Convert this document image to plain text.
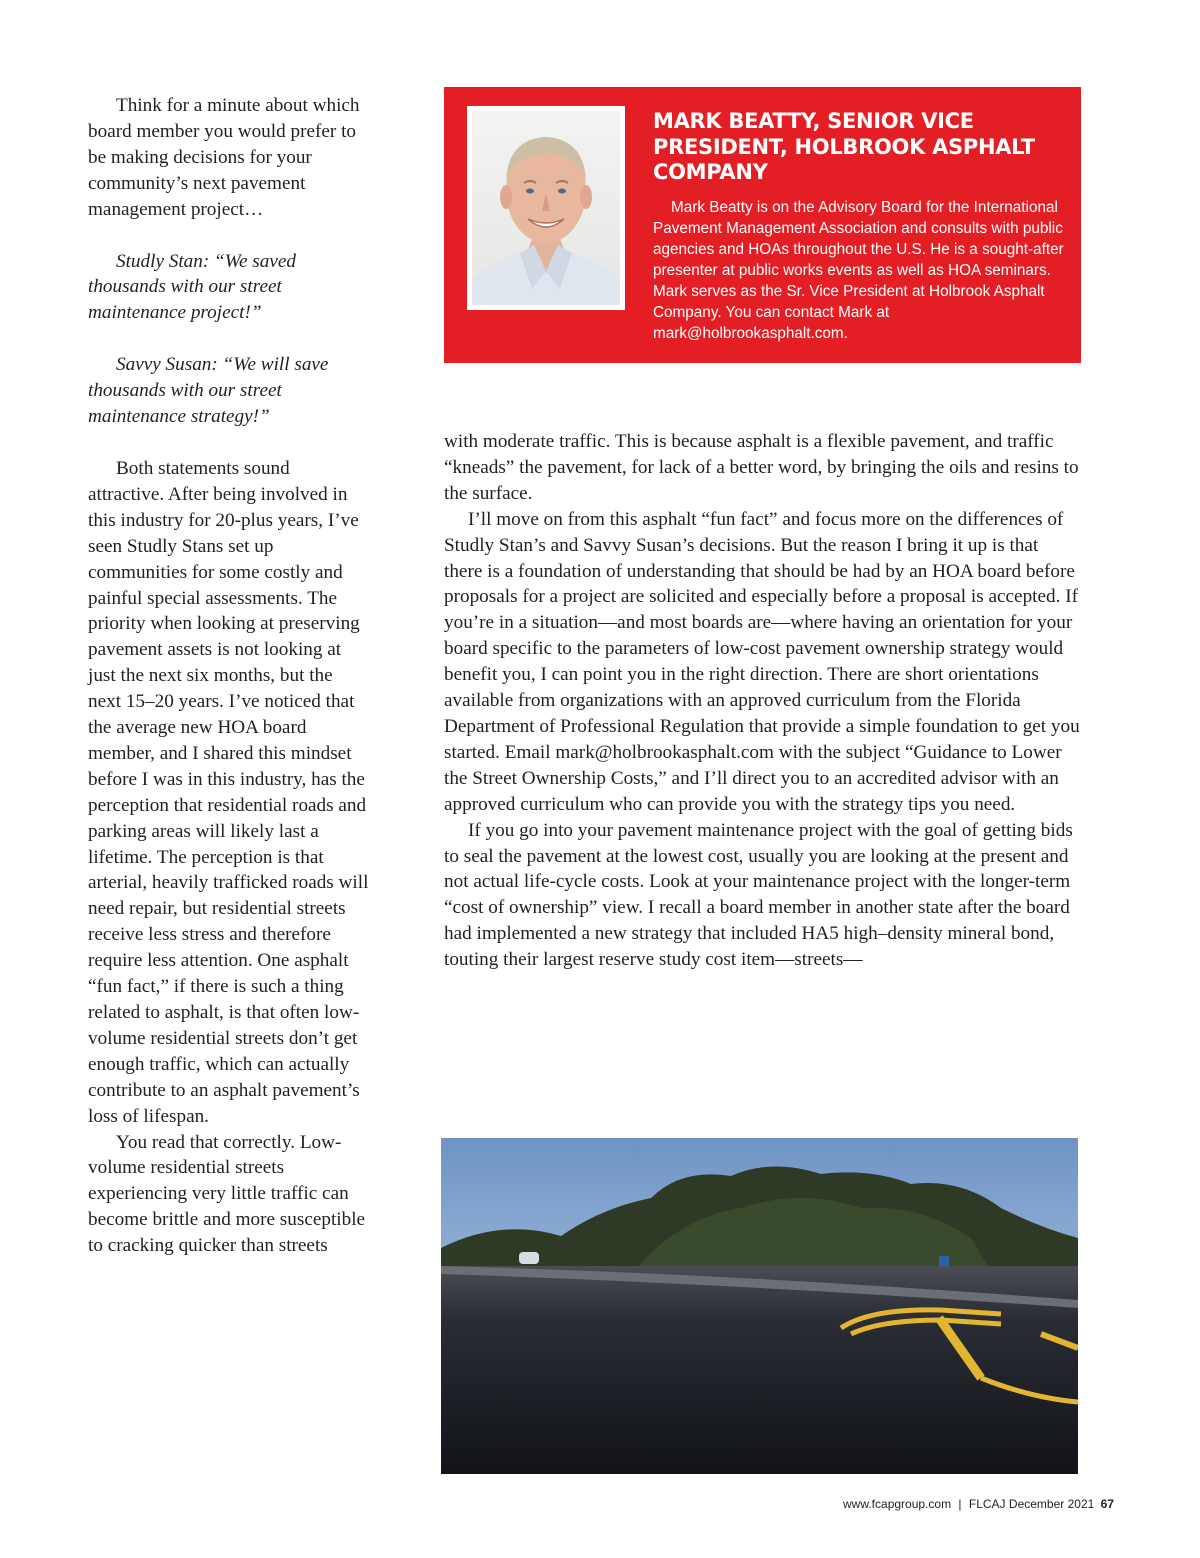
Think for a minute about which board member you would prefer to be making decisions for your community’s next pavement management project…

Studly Stan: “We saved thousands with our street maintenance project!”

Savvy Susan: “We will save thousands with our street maintenance strategy!”

Both statements sound attractive. After being involved in this industry for 20-plus years, I’ve seen Studly Stans set up communities for some costly and painful special assessments. The priority when looking at preserving pavement assets is not looking at just the next six months, but the next 15–20 years. I’ve noticed that the average new HOA board member, and I shared this mindset before I was in this industry, has the perception that residential roads and parking areas will likely last a lifetime. The perception is that arterial, heavily trafficked roads will need repair, but residential streets receive less stress and therefore require less attention. One asphalt “fun fact,” if there is such a thing related to asphalt, is that often low-volume residential streets don’t get enough traffic, which can actually contribute to an asphalt pavement’s loss of lifespan.

You read that correctly. Low-volume residential streets experiencing very little traffic can become brittle and more susceptible to cracking quicker than streets

MARK BEATTY, SENIOR VICE PRESIDENT, HOLBROOK ASPHALT COMPANY

Mark Beatty is on the Advisory Board for the International Pavement Management Association and consults with public agencies and HOAs throughout the U.S. He is a sought-after presenter at public works events as well as HOA seminars. Mark serves as the Sr. Vice President at Holbrook Asphalt Company. You can contact Mark at mark@holbrookasphalt.com.

with moderate traffic. This is because asphalt is a flexible pavement, and traffic “kneads” the pavement, for lack of a better word, by bringing the oils and resins to the surface.

I’ll move on from this asphalt “fun fact” and focus more on the differences of Studly Stan’s and Savvy Susan’s decisions. But the reason I bring it up is that there is a foundation of understanding that should be had by an HOA board before proposals for a project are solicited and especially before a proposal is accepted. If you’re in a situation—and most boards are—where having an orientation for your board specific to the parameters of low-cost pavement ownership strategy would benefit you, I can point you in the right direction. There are short orientations available from organizations with an approved curriculum from the Florida Department of Professional Regulation that provide a simple foundation to get you started. Email mark@holbrookasphalt.com with the subject “Guidance to Lower the Street Ownership Costs,” and I’ll direct you to an accredited advisor with an approved curriculum who can provide you with the strategy tips you need.

If you go into your pavement maintenance project with the goal of getting bids to seal the pavement at the lowest cost, usually you are looking at the present and not actual life-cycle costs. Look at your maintenance project with the longer-term “cost of ownership” view. I recall a board member in another state after the board had implemented a new strategy that included HA5 high–density mineral bond, touting their largest reserve study cost item—streets—

www.fcapgroup.com | FLCAJ December 2021 67
